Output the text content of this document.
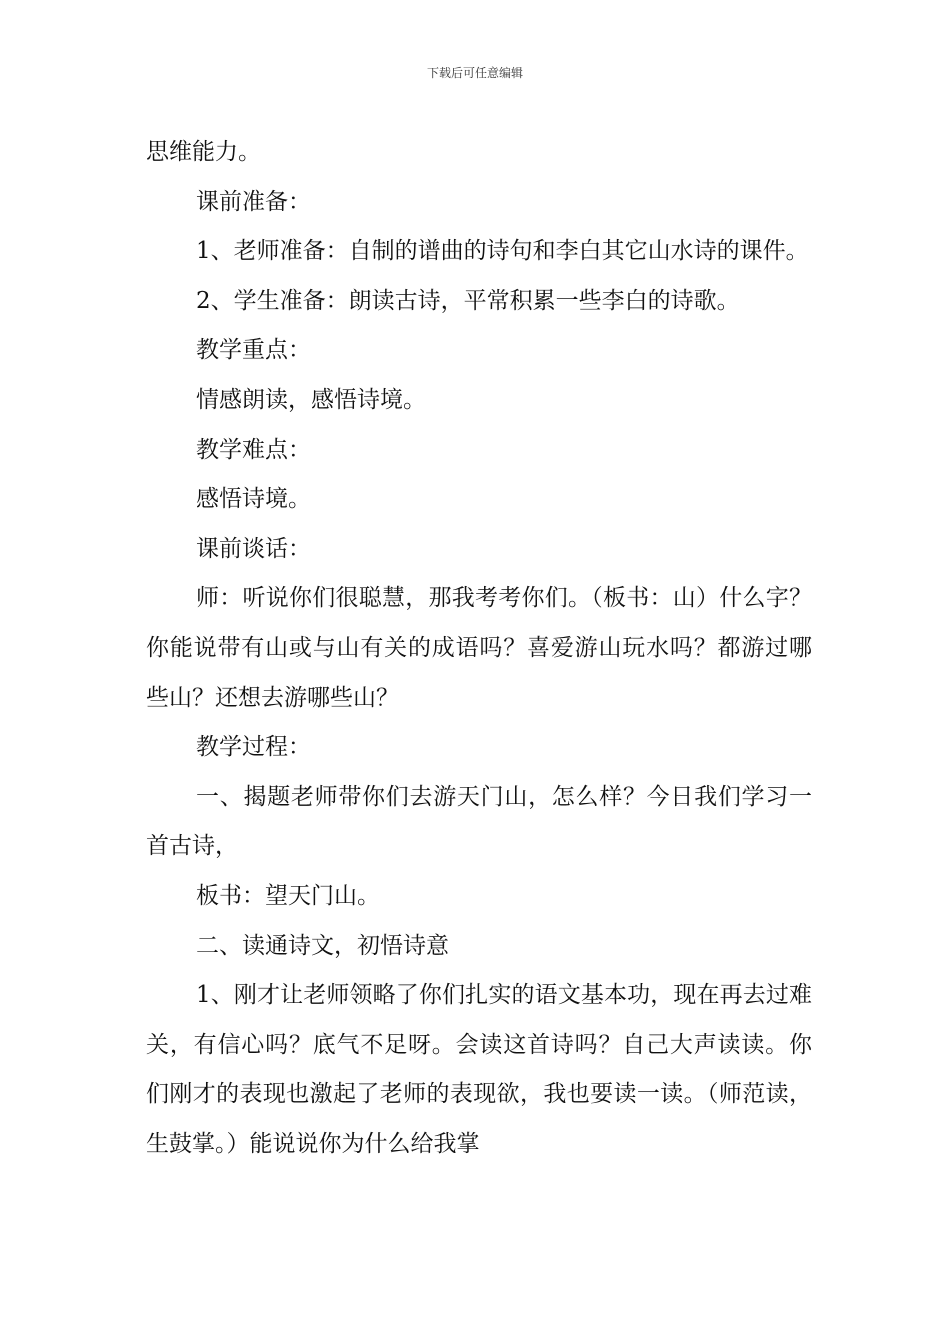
下载后可任意编辑

思维能力。

课前准备：

1、老师准备：自制的谱曲的诗句和李白其它山水诗的课件。

2、学生准备：朗读古诗，平常积累一些李白的诗歌。

教学重点：

情感朗读，感悟诗境。

教学难点：

感悟诗境。

课前谈话：

师：听说你们很聪慧，那我考考你们。（板书：山）什么字？你能说带有山或与山有关的成语吗？喜爱游山玩水吗？都游过哪些山？还想去游哪些山？

教学过程：

一、揭题老师带你们去游天门山，怎么样？今日我们学习一首古诗，

板书：望天门山。

二、读通诗文，初悟诗意

1、刚才让老师领略了你们扎实的语文基本功，现在再去过难关，有信心吗？底气不足呀。会读这首诗吗？自己大声读读。你们刚才的表现也激起了老师的表现欲，我也要读一读。（师范读，生鼓掌。）能说说你为什么给我掌
